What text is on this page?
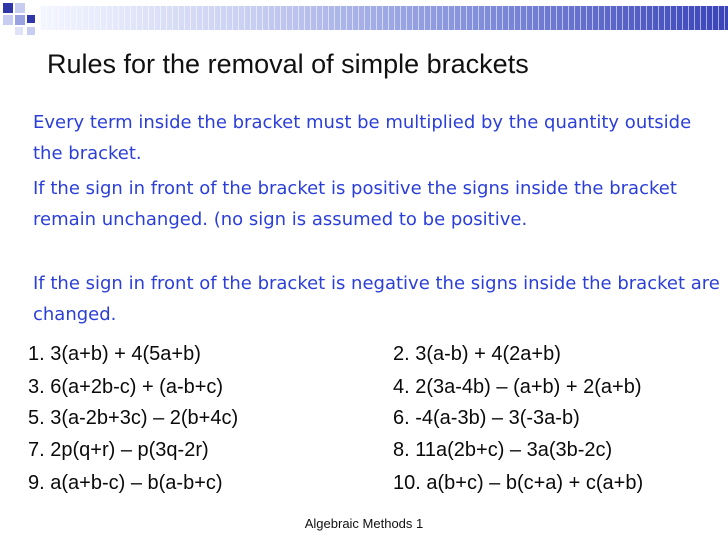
Rules for the removal of simple brackets
Every term inside the bracket must be multiplied by the quantity outside the bracket.
If the sign in front of the bracket is positive the signs inside the bracket remain unchanged. (no sign is assumed to be positive.
If the sign in front of the bracket is negative the signs inside the bracket are changed.
1. 3(a+b) + 4(5a+b)
3. 6(a+2b-c) + (a-b+c)
5. 3(a-2b+3c) – 2(b+4c)
7. 2p(q+r) – p(3q-2r)
9. a(a+b-c) – b(a-b+c)
2. 3(a-b) + 4(2a+b)
4. 2(3a-4b) – (a+b) + 2(a+b)
6. -4(a-3b) – 3(-3a-b)
8. 11a(2b+c) – 3a(3b-2c)
10. a(b+c) – b(c+a) + c(a+b)
Algebraic Methods 1
